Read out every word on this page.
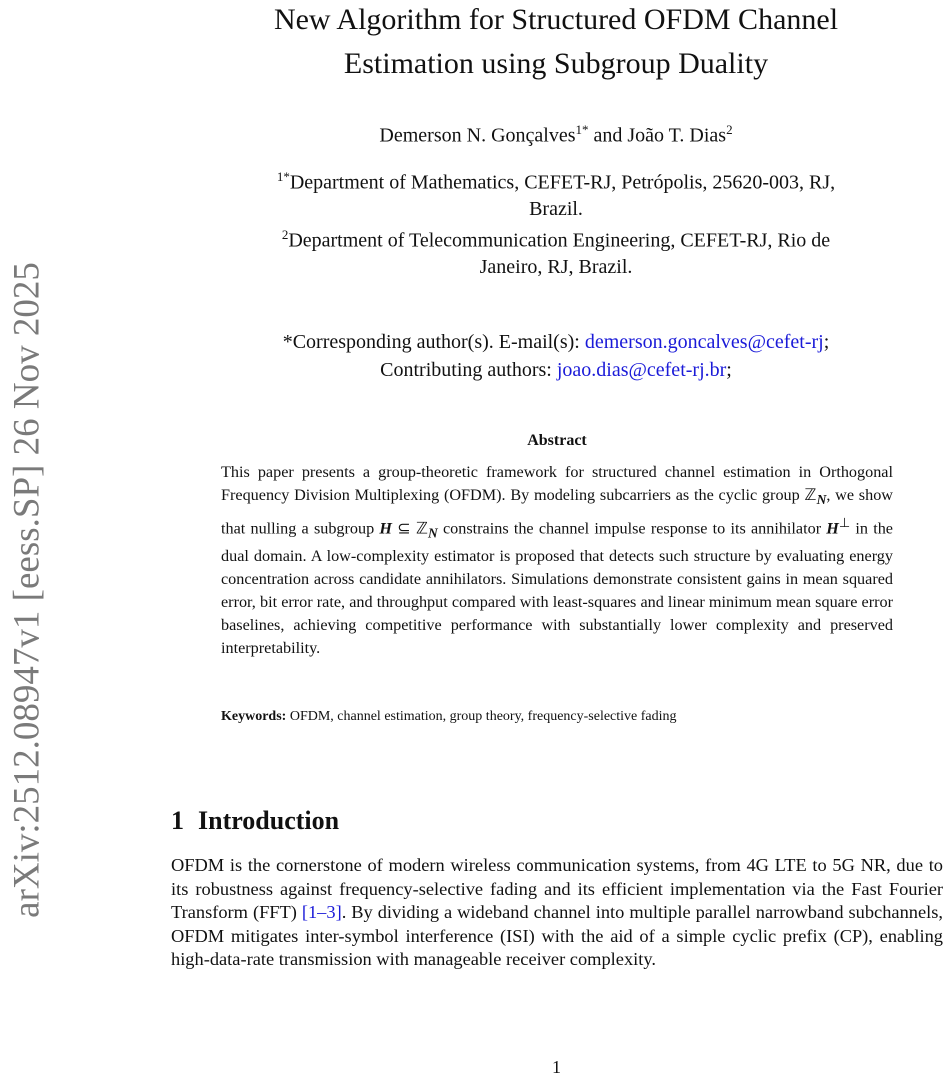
arXiv:2512.08947v1 [eess.SP] 26 Nov 2025
New Algorithm for Structured OFDM Channel
Estimation using Subgroup Duality
Demerson N. Gonçalves$^{1*}$ and João T. Dias$^2$
$^{1*}$Department of Mathematics, CEFET-RJ, Petrópolis, 25620-003, RJ,
Brazil.
$^2$Department of Telecommunication Engineering, CEFET-RJ, Rio de
Janeiro, RJ, Brazil.
*Corresponding author(s). E-mail(s): demerson.goncalves@cefet-rj;
Contributing authors: joao.dias@cefet-rj.br;
Abstract
This paper presents a group-theoretic framework for structured channel estimation in Orthogonal Frequency Division Multiplexing (OFDM). By modeling subcarriers as the cyclic group ℤ$_N$, we show that nulling a subgroup H ⊆ ℤ$_N$ constrains the channel impulse response to its annihilator H⊥ in the dual domain. A low-complexity estimator is proposed that detects such structure by evaluating energy concentration across candidate annihilators. Simulations demonstrate consistent gains in mean squared error, bit error rate, and throughput compared with least-squares and linear minimum mean square error baselines, achieving competitive performance with substantially lower complexity and preserved interpretability.
Keywords: OFDM, channel estimation, group theory, frequency-selective fading
1 Introduction
OFDM is the cornerstone of modern wireless communication systems, from 4G LTE to 5G NR, due to its robustness against frequency-selective fading and its efficient implementation via the Fast Fourier Transform (FFT) [1–3]. By dividing a wideband channel into multiple parallel narrowband subchannels, OFDM mitigates inter-symbol interference (ISI) with the aid of a simple cyclic prefix (CP), enabling high-data-rate transmission with manageable receiver complexity.
1
